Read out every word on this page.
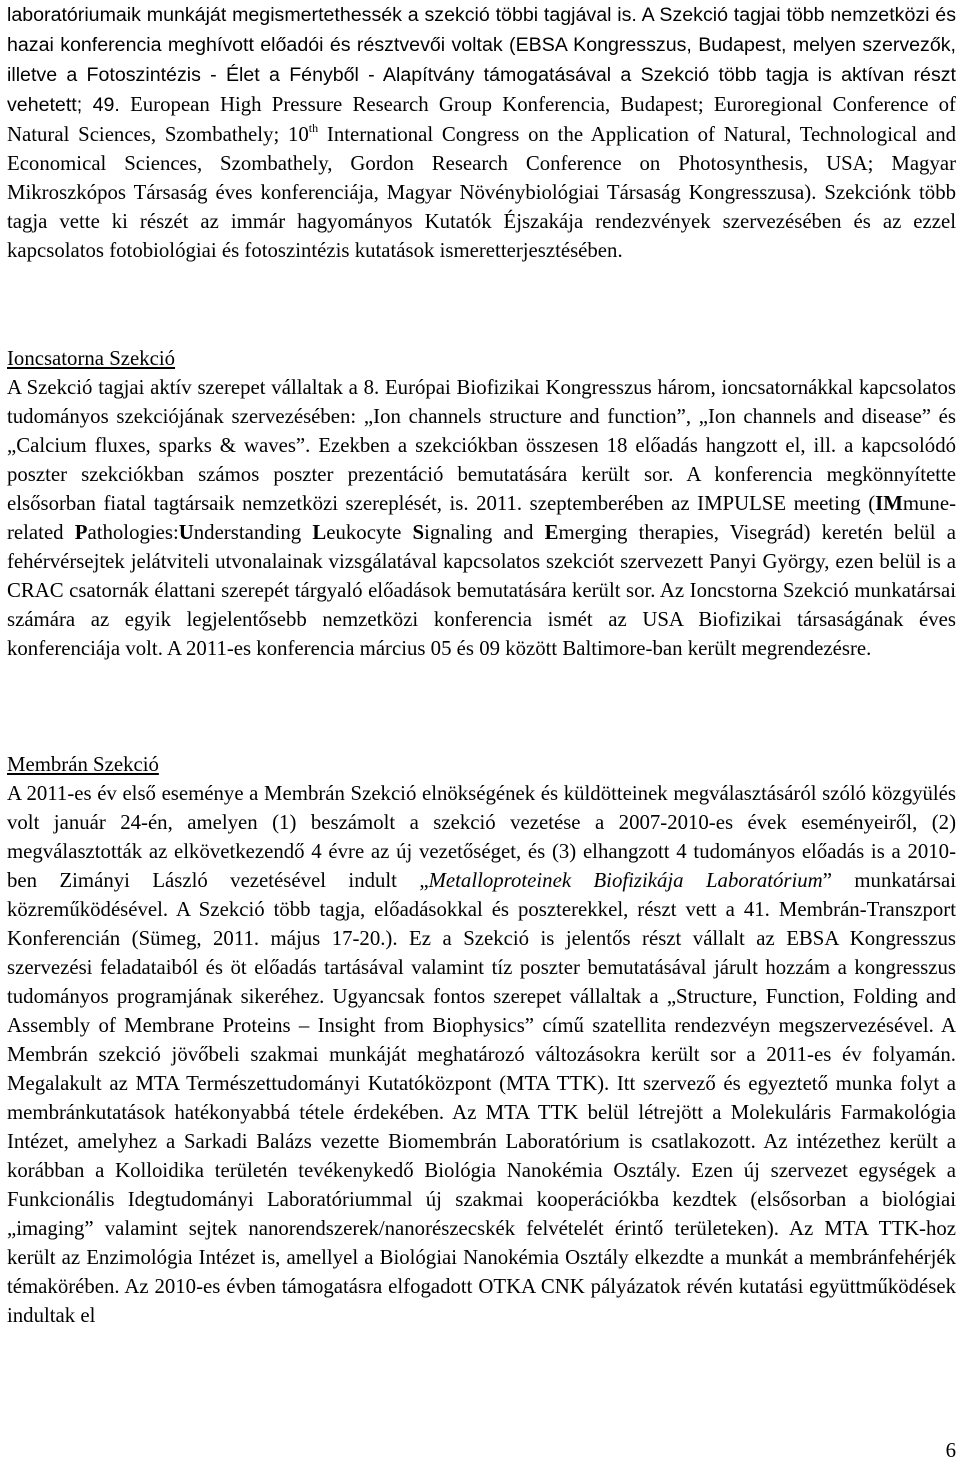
laboratóriumaik munkáját megismertethessék a szekció többi tagjával is. A Szekció tagjai több nemzetközi és hazai konferencia meghívott előadói és résztvevői voltak (EBSA Kongresszus, Budapest, melyen szervezők, illetve a Fotoszintézis - Élet a Fényből - Alapítvány támogatásával a Szekció több tagja is aktívan részt vehetett; 49. European High Pressure Research Group Konferencia, Budapest; Euroregional Conference of Natural Sciences, Szombathely; 10th International Congress on the Application of Natural, Technological and Economical Sciences, Szombathely, Gordon Research Conference on Photosynthesis, USA; Magyar Mikroszkópos Társaság éves konferenciája, Magyar Növénybiológiai Társaság Kongresszusa). Szekciónk több tagja vette ki részét az immár hagyományos Kutatók Éjszakája rendezvények szervezésében és az ezzel kapcsolatos fotobiológiai és fotoszintézis kutatások ismeretterjesztésében.

Ioncsatorna Szekció

A Szekció tagjai aktív szerepet vállaltak a 8. Európai Biofizikai Kongresszus három, ioncsatornákkal kapcsolatos tudományos szekciójának szervezésében: „Ion channels structure and function”, „Ion channels and disease” és „Calcium fluxes, sparks & waves”. Ezekben a szekciókban összesen 18 előadás hangzott el, ill. a kapcsolódó poszter szekciókban számos poszter prezentáció bemutatására került sor. A konferencia megkönnyítette elsősorban fiatal tagtársaik nemzetközi szereplését, is. 2011. szeptemberében az IMPULSE meeting (IMmune-related Pathologies:Understanding Leukocyte Signaling and Emerging therapies, Visegrád) keretén belül a fehérvérsejtek jelátviteli utvonalainak vizsgálatával kapcsolatos szekciót szervezett Panyi György, ezen belül is a CRAC csatornák élattani szerepét tárgyaló előadások bemutatására került sor. Az Ioncstorna Szekció munkatársai számára az egyik legjelentősebb nemzetközi konferencia ismét az USA Biofizikai társaságának éves konferenciája volt. A 2011-es konferencia március 05 és 09 között Baltimore-ban került megrendezésre.

Membrán Szekció

A 2011-es év első eseménye a Membrán Szekció elnökségének és küldötteinek megválasztásáról szóló közgyülés volt január 24-én, amelyen (1) beszámolt a szekció vezetése a 2007-2010-es évek eseményeiről, (2) megválasztották az elkövetkezendő 4 évre az új vezetőséget, és (3) elhangzott 4 tudományos előadás is a 2010-ben Zimányi László vezetésével indult „Metalloproteinek Biofizikája Laboratórium” munkatársai közreműködésével. A Szekció több tagja, előadásokkal és poszterekkel, részt vett a 41. Membrán-Transzport Konferencián (Sümeg, 2011. május 17-20.). Ez a Szekció is jelentős részt vállalt az EBSA Kongresszus szervezési feladataiból és öt előadás tartásával valamint tíz poszter bemutatásával járult hozzám a kongresszus tudományos programjának sikeréhez. Ugyancsak fontos szerepet vállaltak a „Structure, Function, Folding and Assembly of Membrane Proteins – Insight from Biophysics” című szatellita rendezvéyn megszervezésével. A Membrán szekció jövőbeli szakmai munkáját meghatározó változásokra került sor a 2011-es év folyamán. Megalakult az MTA Természettudományi Kutatóközpont (MTA TTK). Itt szervező és egyeztető munka folyt a membránkutatások hatékonyabbá tétele érdekében. Az MTA TTK belül létrejött a Molekuláris Farmakológia Intézet, amelyhez a Sarkadi Balázs vezette Biomembrán Laboratórium is csatlakozott. Az intézethez került a korábban a Kolloidika területén tevékenykedő Biológia Nanokémia Osztály. Ezen új szervezet egységek a Funkcionális Idegtudományi Laboratóriummal új szakmai kooperációkba kezdtek (elsősorban a biológiai „imaging” valamint sejtek nanorendszerek/nanorészecskék felvételét érintő területeken). Az MTA TTK-hoz került az Enzimológia Intézet is, amellyel a Biológiai Nanokémia Osztály elkezdte a munkát a membránfehérjék témakörében. Az 2010-es évben támogatásra elfogadott OTKA CNK pályázatok révén kutatási együttműködések indultak el

6
